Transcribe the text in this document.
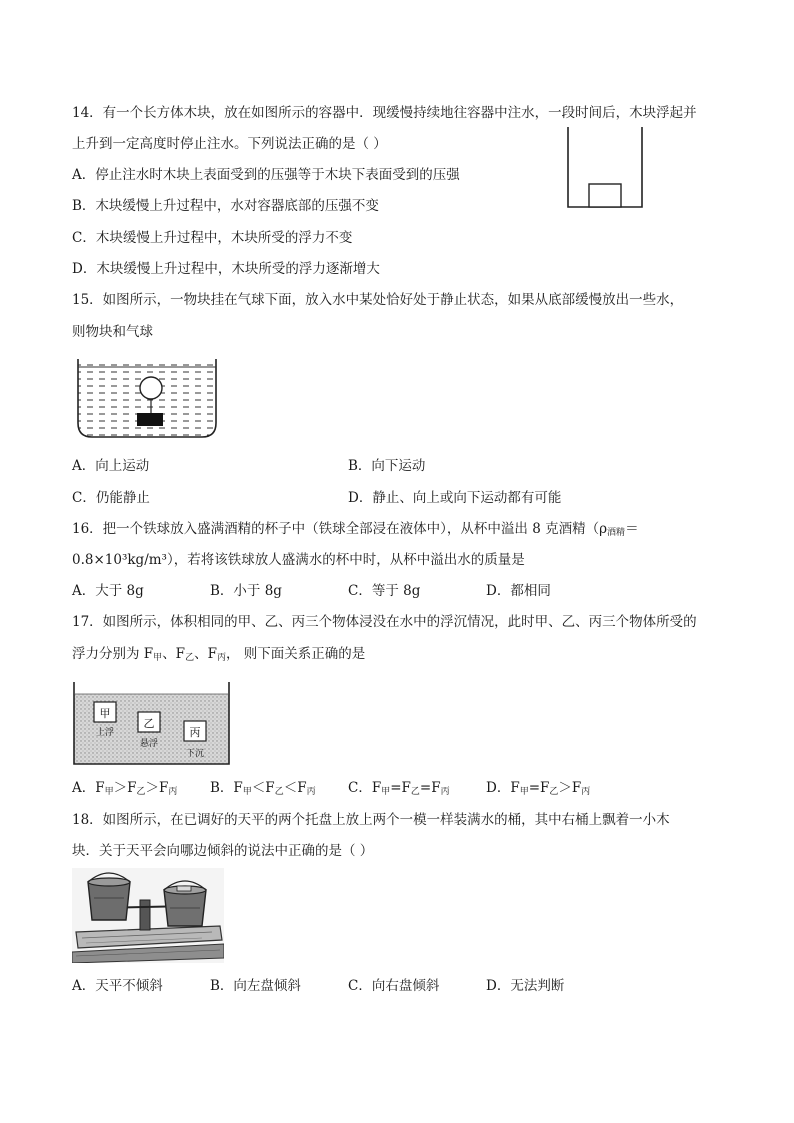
14．有一个长方体木块，放在如图所示的容器中．现缓慢持续地往容器中注水，一段时间后，木块浮起并
上升到一定高度时停止注水。下列说法正确的是（ ）
A．停止注水时木块上表面受到的压强等于木块下表面受到的压强
B．木块缓慢上升过程中，水对容器底部的压强不变
C．木块缓慢上升过程中，木块所受的浮力不变
D．木块缓慢上升过程中，木块所受的浮力逐渐增大
15．如图所示，一物块挂在气球下面，放入水中某处恰好处于静止状态，如果从底部缓慢放出一些水，
则物块和气球
A．向上运动	B．向下运动
C．仍能静止	D．静止、向上或向下运动都有可能
16．把一个铁球放入盛满酒精的杯子中（铁球全部浸在液体中），从杯中溢出 8 克酒精（$\rho_{酒精}=$
0.8×10³kg/m³），若将该铁球放人盛满水的杯中时，从杯中溢出水的质量是
A．大于 8g	B．小于 8g	C．等于 8g	D．都相同
17．如图所示，体积相同的甲、乙、丙三个物体浸没在水中的浮沉情况，此时甲、乙、丙三个物体所受的
浮力分别为 $F_甲$、$F_乙$、$F_丙$， 则下面关系正确的是
甲
上浮
乙
悬浮
丙
下沉
A．$F_甲>F_乙>F_丙$ B．$F_甲<F_乙<F_丙$ C．$F_甲=F_乙=F_丙$	D．$F_甲=F_乙>F_丙$
18．如图所示，在已调好的天平的两个托盘上放上两个一模一样装满水的桶，其中右桶上飘着一小木
块．关于天平会向哪边倾斜的说法中正确的是（ ）
A．天平不倾斜	B．向左盘倾斜	C．向右盘倾斜	D．无法判断
